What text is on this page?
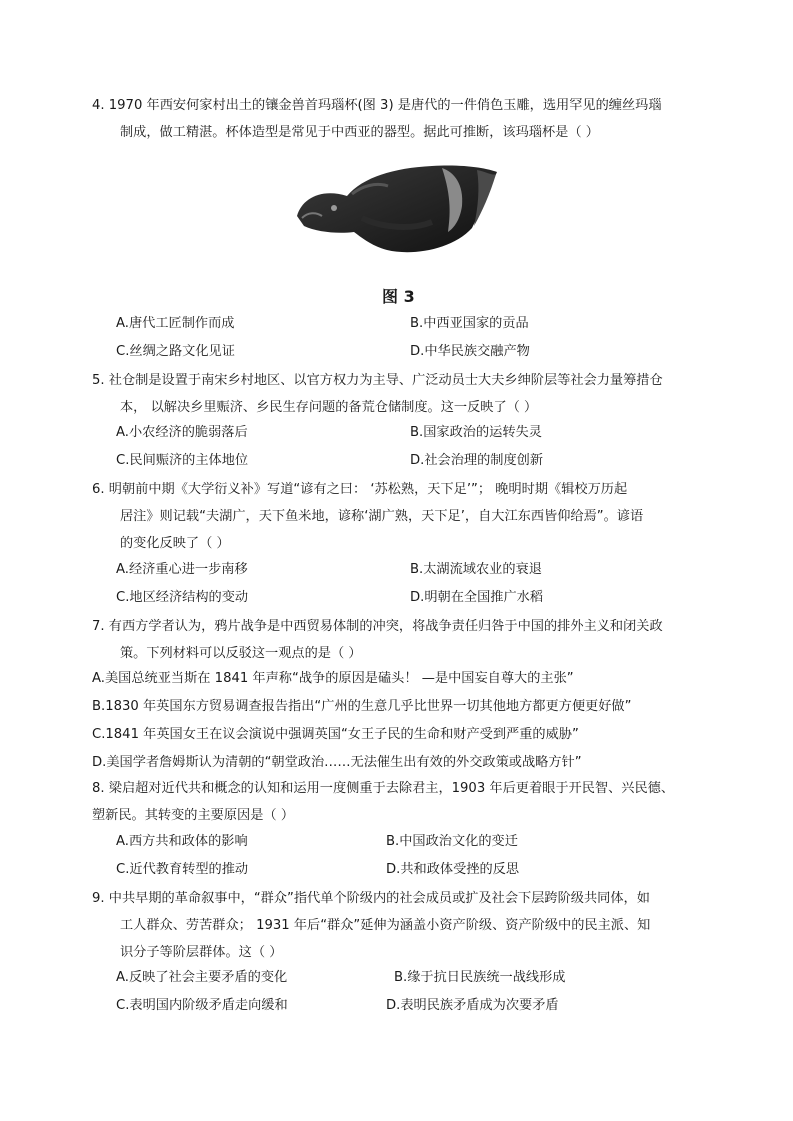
4. 1970 年西安何家村出土的镶金兽首玛瑙杯(图 3) 是唐代的一件俏色玉雕，选用罕见的缠丝玛瑙
制成，做工精湛。杯体造型是常见于中西亚的器型。据此可推断，该玛瑙杯是（ ）
图 3
A.唐代工匠制作而成	B.中西亚国家的贡品
C.丝绸之路文化见证	D.中华民族交融产物
5. 社仓制是设置于南宋乡村地区、以官方权力为主导、广泛动员士大夫乡绅阶层等社会力量筹措仓
本， 以解决乡里赈济、乡民生存问题的备荒仓储制度。这一反映了（ ）
A.小农经济的脆弱落后	B.国家政治的运转失灵
C.民间赈济的主体地位	D.社会治理的制度创新
6. 明朝前中期《大学衍义补》写道“谚有之曰： ‘苏松熟，天下足’”； 晚明时期《辑校万历起
居注》则记载“夫湖广，天下鱼米地，谚称‘湖广熟，天下足’，自大江东西皆仰给焉”。谚语
的变化反映了（ ）
A.经济重心进一步南移	B.太湖流域农业的衰退
C.地区经济结构的变动	D.明朝在全国推广水稻
7. 有西方学者认为，鸦片战争是中西贸易体制的冲突，将战争责任归咎于中国的排外主义和闭关政
策。下列材料可以反驳这一观点的是（ ）
A.美国总统亚当斯在 1841 年声称“战争的原因是磕头！ —是中国妄自尊大的主张”
B.1830 年英国东方贸易调查报告指出“广州的生意几乎比世界一切其他地方都更方便更好做”
C.1841 年英国女王在议会演说中强调英国“女王子民的生命和财产受到严重的威胁”
D.美国学者詹姆斯认为清朝的“朝堂政治……无法催生出有效的外交政策或战略方针”
8. 梁启超对近代共和概念的认知和运用一度侧重于去除君主，1903 年后更着眼于开民智、兴民德、
塑新民。其转变的主要原因是（ ）
A.西方共和政体的影响	B.中国政治文化的变迁
C.近代教育转型的推动	D.共和政体受挫的反思
9. 中共早期的革命叙事中，“群众”指代单个阶级内的社会成员或扩及社会下层跨阶级共同体，如
工人群众、劳苦群众； 1931 年后“群众”延伸为涵盖小资产阶级、资产阶级中的民主派、知
识分子等阶层群体。这（ ）
A.反映了社会主要矛盾的变化	B.缘于抗日民族统一战线形成
C.表明国内阶级矛盾走向缓和	D.表明民族矛盾成为次要矛盾
